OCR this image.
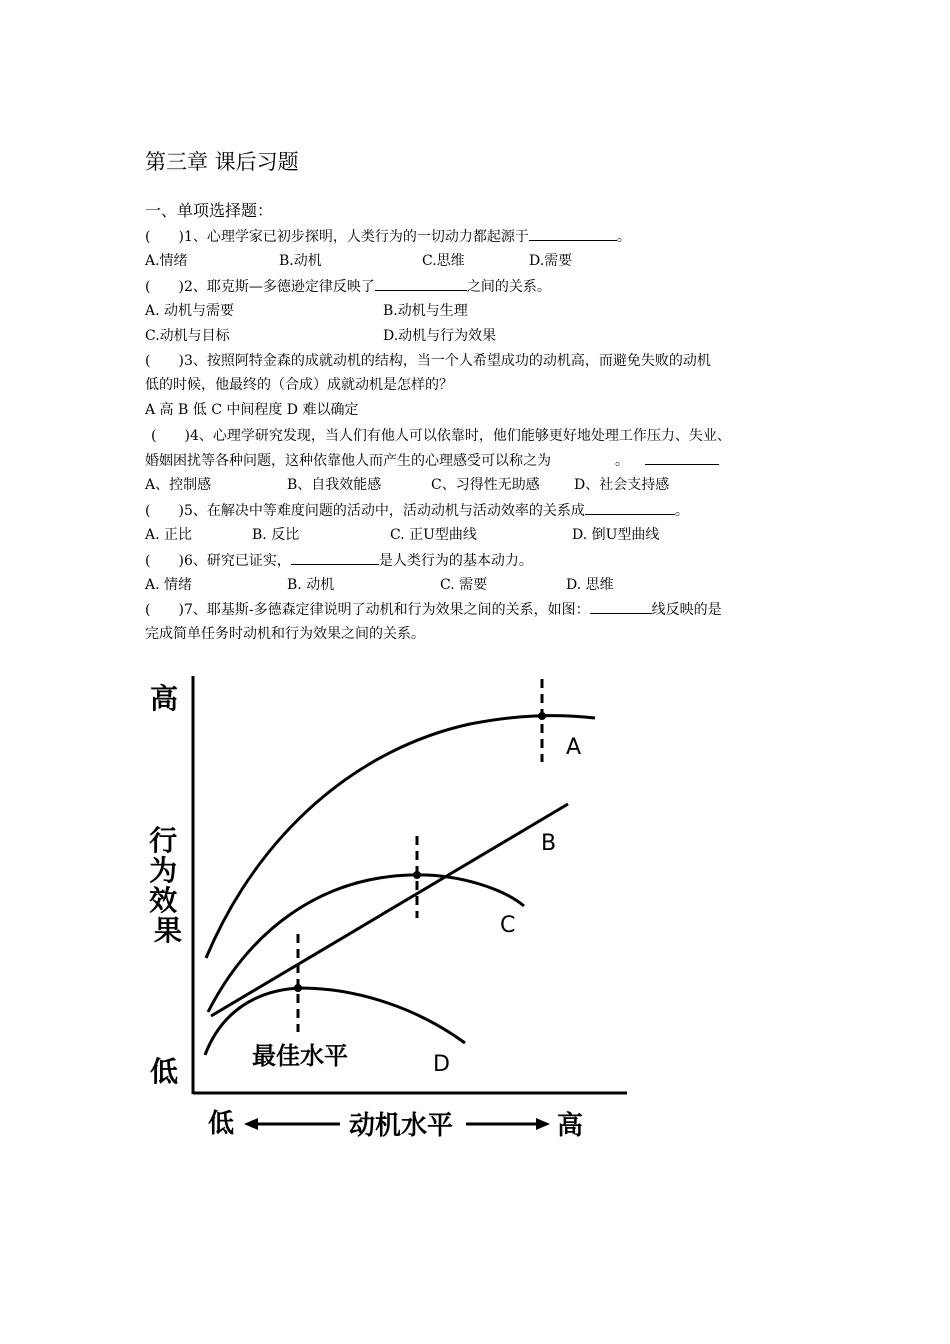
第三章 课后习题
一、单项选择题：
(　　)1、心理学家已初步探明，人类行为的一切动力都起源于	。
A.情绪	B.动机	C.思维	D.需要
(　　)2、耶克斯—多德逊定律反映了	之间的关系。
A. 动机与需要	B.动机与生理
C.动机与目标	D.动机与行为效果
(　　)3、按照阿特金森的成就动机的结构，当一个人希望成功的动机高，而避免失败的动机
低的时候，他最终的（合成）成就动机是怎样的？
A 高 B 低 C 中间程度 D 难以确定
(　　)4、心理学研究发现，当人们有他人可以依靠时，他们能够更好地处理工作压力、失业、
婚姻困扰等各种问题，这种依靠他人而产生的心理感受可以称之为	。
A、控制感	B、自我效能感	C、习得性无助感 D、社会支持感
(　　)5、在解决中等难度问题的活动中，活动动机与活动效率的关系成	。
A. 正比	B. 反比	C. 正U型曲线	D. 倒U型曲线
(　　)6、研究已证实，	是人类行为的基本动力。
A. 情绪	B. 动机	C. 需要	D. 思维
(　　)7、耶基斯-多德森定律说明了动机和行为效果之间的关系，如图：	线反映的是
完成简单任务时动机和行为效果之间的关系。
A
B
C
D
高
行 为 效 果
低	最佳水平
低	动机水平	高
